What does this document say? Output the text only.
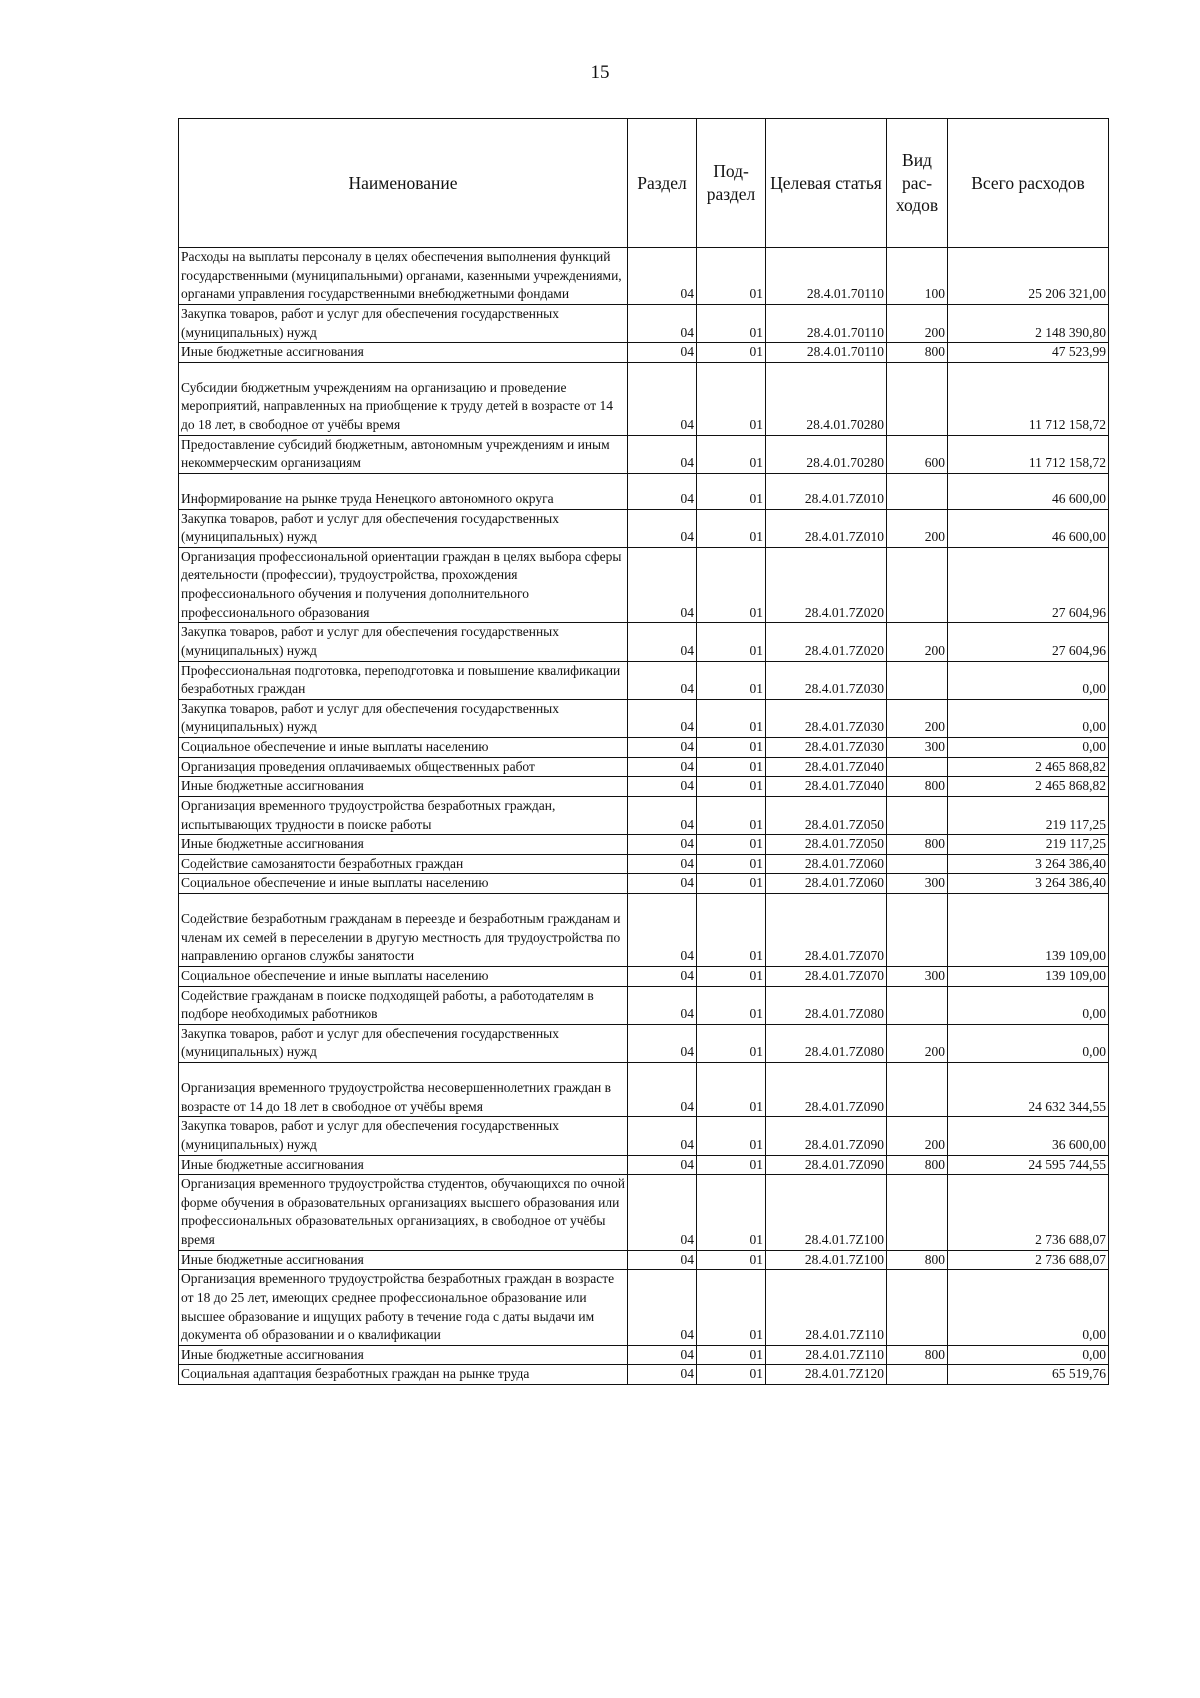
15
Наименование	Раздел	Под-раздел	Целевая статья	Вид рас-ходов	Всего расходов
Расходы на выплаты персоналу в целях обеспечения выполнения функций государственными (муниципальными) органами, казенными учреждениями, органами управления государственными внебюджетными фондами	04	01	28.4.01.70110	100	25 206 321,00
Закупка товаров, работ и услуг для обеспечения государственных (муниципальных) нужд	04	01	28.4.01.70110	200	2 148 390,80
Иные бюджетные ассигнования	04	01	28.4.01.70110	800	47 523,99
Субсидии бюджетным учреждениям на организацию и проведение мероприятий, направленных на приобщение к труду детей в возрасте от 14 до 18 лет, в свободное от учёбы время	04	01	28.4.01.70280		11 712 158,72
Предоставление субсидий бюджетным, автономным учреждениям и иным некоммерческим организациям	04	01	28.4.01.70280	600	11 712 158,72
Информирование на рынке труда Ненецкого автономного округа	04	01	28.4.01.7Z010		46 600,00
Закупка товаров, работ и услуг для обеспечения государственных (муниципальных) нужд	04	01	28.4.01.7Z010	200	46 600,00
Организация профессиональной ориентации граждан в целях выбора сферы деятельности (профессии), трудоустройства, прохождения профессионального обучения и получения дополнительного профессионального образования	04	01	28.4.01.7Z020		27 604,96
Закупка товаров, работ и услуг для обеспечения государственных (муниципальных) нужд	04	01	28.4.01.7Z020	200	27 604,96
Профессиональная подготовка, переподготовка и повышение квалификации безработных граждан	04	01	28.4.01.7Z030		0,00
Закупка товаров, работ и услуг для обеспечения государственных (муниципальных) нужд	04	01	28.4.01.7Z030	200	0,00
Социальное обеспечение и иные выплаты населению	04	01	28.4.01.7Z030	300	0,00
Организация проведения оплачиваемых общественных работ	04	01	28.4.01.7Z040		2 465 868,82
Иные бюджетные ассигнования	04	01	28.4.01.7Z040	800	2 465 868,82
Организация временного трудоустройства безработных граждан, испытывающих трудности в поиске работы	04	01	28.4.01.7Z050		219 117,25
Иные бюджетные ассигнования	04	01	28.4.01.7Z050	800	219 117,25
Содействие самозанятости безработных граждан	04	01	28.4.01.7Z060		3 264 386,40
Социальное обеспечение и иные выплаты населению	04	01	28.4.01.7Z060	300	3 264 386,40
Содействие безработным гражданам в переезде и безработным гражданам и членам их семей в переселении в другую местность для трудоустройства по направлению органов службы занятости	04	01	28.4.01.7Z070		139 109,00
Социальное обеспечение и иные выплаты населению	04	01	28.4.01.7Z070	300	139 109,00
Содействие гражданам в поиске подходящей работы, а работодателям в подборе необходимых работников	04	01	28.4.01.7Z080		0,00
Закупка товаров, работ и услуг для обеспечения государственных (муниципальных) нужд	04	01	28.4.01.7Z080	200	0,00
Организация временного трудоустройства несовершеннолетних граждан в возрасте от 14 до 18 лет в свободное от учёбы время	04	01	28.4.01.7Z090		24 632 344,55
Закупка товаров, работ и услуг для обеспечения государственных (муниципальных) нужд	04	01	28.4.01.7Z090	200	36 600,00
Иные бюджетные ассигнования	04	01	28.4.01.7Z090	800	24 595 744,55
Организация временного трудоустройства студентов, обучающихся по очной форме обучения в образовательных организациях высшего образования или профессиональных образовательных организациях, в свободное от учёбы время	04	01	28.4.01.7Z100		2 736 688,07
Иные бюджетные ассигнования	04	01	28.4.01.7Z100	800	2 736 688,07
Организация временного трудоустройства безработных граждан в возрасте от 18 до 25 лет, имеющих среднее профессиональное образование или высшее образование и ищущих работу в течение года с даты выдачи им документа об образовании и о квалификации	04	01	28.4.01.7Z110		0,00
Иные бюджетные ассигнования	04	01	28.4.01.7Z110	800	0,00
Социальная адаптация безработных граждан на рынке труда	04	01	28.4.01.7Z120		65 519,76
